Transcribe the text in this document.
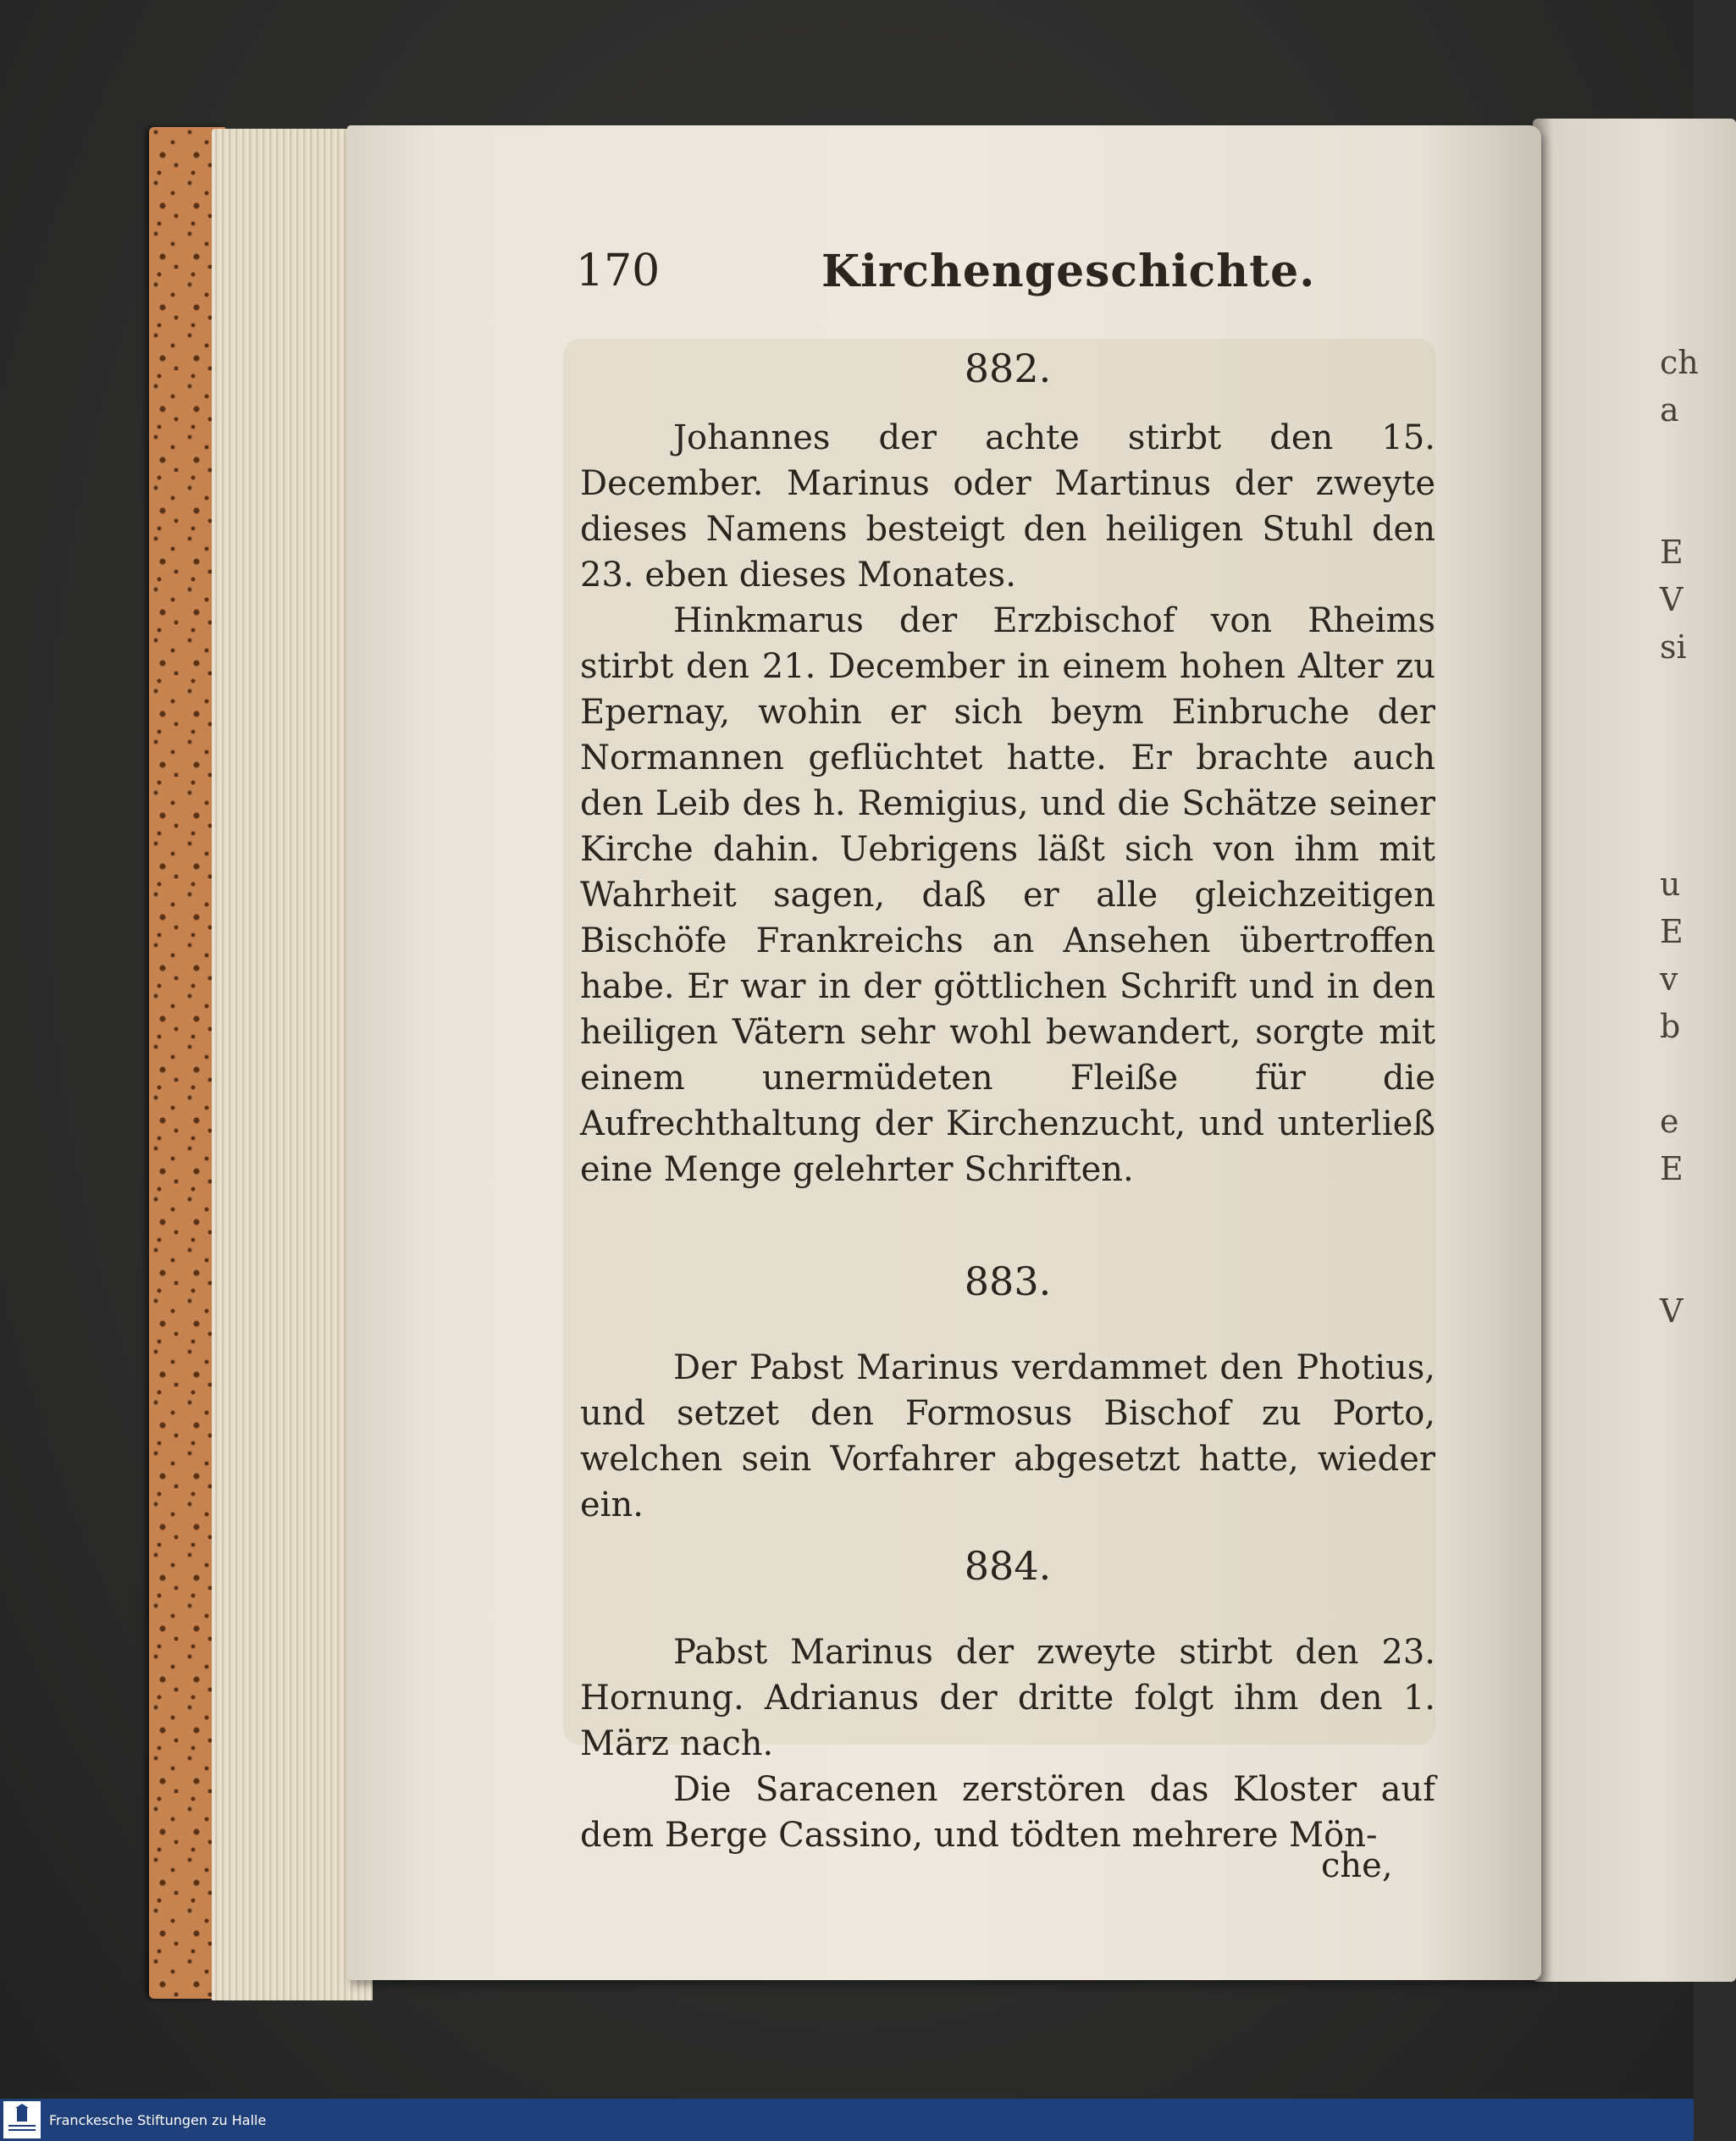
170	Kirchengeschichte.

882.

Johannes der achte stirbt den 15. December. Marinus oder Martinus der zweyte dieses Namens besteigt den heiligen Stuhl den 23. eben dieses Monates.

Hinkmarus der Erzbischof von Rheims stirbt den 21. December in einem hohen Alter zu Epernay, wohin er sich beym Einbruche der Normannen geflüchtet hatte. Er brachte auch den Leib des h. Remigius, und die Schätze seiner Kirche dahin. Uebrigens läßt sich von ihm mit Wahrheit sagen, daß er alle gleichzeitigen Bischöfe Frankreichs an Ansehen übertroffen habe. Er war in der göttlichen Schrift und in den heiligen Vätern sehr wohl bewandert, sorgte mit einem unermüdeten Fleiße für die Aufrechthaltung der Kirchenzucht, und unterließ eine Menge gelehrter Schriften.

883.

Der Pabst Marinus verdammet den Photius, und setzet den Formosus Bischof zu Porto, welchen sein Vorfahrer abgesetzt hatte, wieder ein.

884.

Pabst Marinus der zweyte stirbt den 23. Hornung. Adrianus der dritte folgt ihm den 1. März nach.

Die Saracenen zerstören das Kloster auf dem Berge Cassino, und tödten mehrere Mön-

che,
ch
a

E
V
si

u
E
v
b

e
E

V
Franckesche Stiftungen zu Halle
